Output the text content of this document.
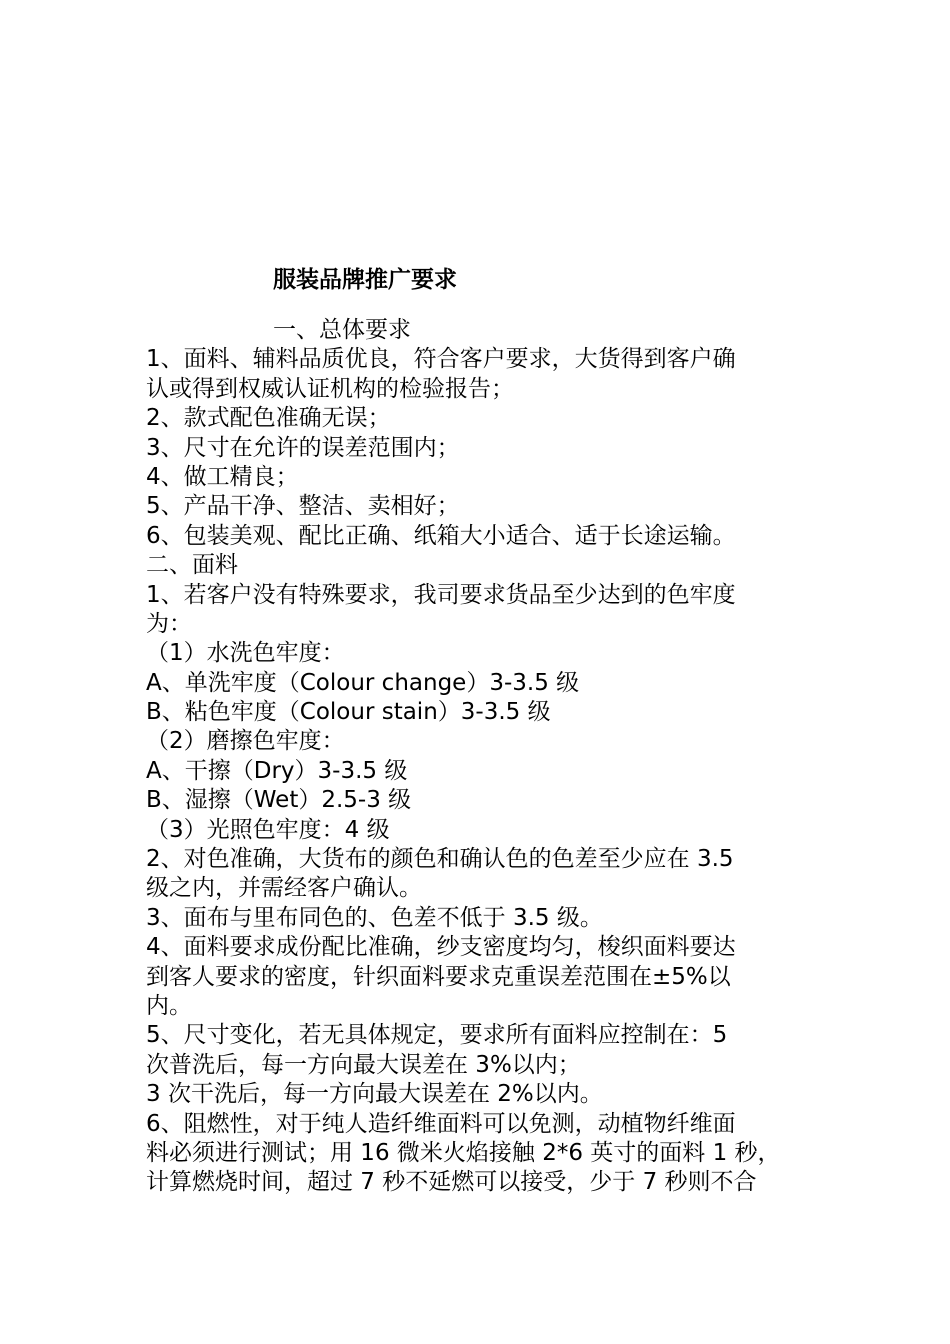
服装品牌推广要求
一、总体要求
1、面料、辅料品质优良，符合客户要求，大货得到客户确
认或得到权威认证机构的检验报告；
2、款式配色准确无误；
3、尺寸在允许的误差范围内；
4、做工精良；
5、产品干净、整洁、卖相好；
6、包装美观、配比正确、纸箱大小适合、适于长途运输。
二、面料
1、若客户没有特殊要求，我司要求货品至少达到的色牢度
为：
（1）水洗色牢度：
A、单洗牢度（Colour change）3-3.5 级
B、粘色牢度（Colour stain）3-3.5 级
（2）磨擦色牢度：
A、干擦（Dry）3-3.5 级
B、湿擦（Wet）2.5-3 级
（3）光照色牢度：4 级
2、对色准确，大货布的颜色和确认色的色差至少应在 3.5
级之内，并需经客户确认。
3、面布与里布同色的、色差不低于 3.5 级。
4、面料要求成份配比准确，纱支密度均匀，梭织面料要达
到客人要求的密度，针织面料要求克重误差范围在±5%以
内。
5、尺寸变化，若无具体规定，要求所有面料应控制在：5
次普洗后，每一方向最大误差在 3%以内；
3 次干洗后，每一方向最大误差在 2%以内。
6、阻燃性，对于纯人造纤维面料可以免测，动植物纤维面
料必须进行测试；用 16 微米火焰接触 2*6 英寸的面料 1 秒，
计算燃烧时间，超过 7 秒不延燃可以接受，少于 7 秒则不合
